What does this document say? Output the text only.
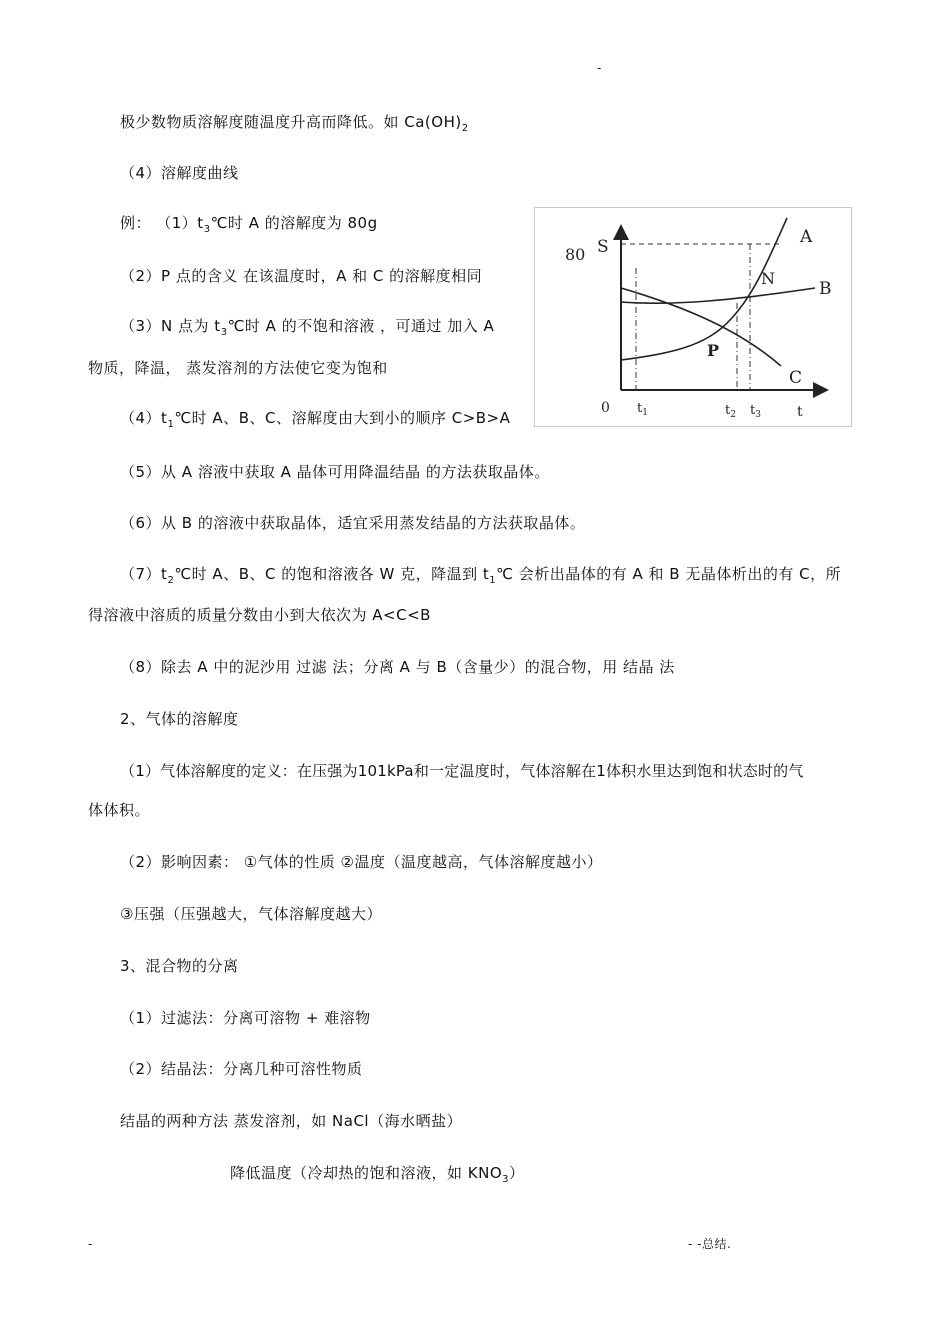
-
极少数物质溶解度随温度升高而降低。如 $Ca(OH)_2$
（4）溶解度曲线
例： $(1)t_3℃$时 A 的溶解度为 80g
（2）P 点的含义 在该温度时，A 和 C 的溶解度相同
（3）N 点为 $t_3℃$时 A 的不饱和溶液 ，可通过 加入 A
物质，降温， 蒸发溶剂的方法使它变为饱和
$(4)t_1℃$时 A、B、C、溶解度由大到小的顺序 C>B>A
（5）从 A 溶液中获取 A 晶体可用降温结晶 的方法获取晶体。
（6）从 B 的溶液中获取晶体，适宜采用蒸发结晶的方法获取晶体。
$(7)t_2℃$时 A、B、C 的饱和溶液各 W 克，降温到 $t_1℃$ 会析出晶体的有 A 和 B 无晶体析出的有 C，所
得溶液中溶质的质量分数由小到大依次为 A<C<B
（8）除去 A 中的泥沙用 过滤 法；分离 A 与 B（含量少）的混合物，用 结晶 法
2、气体的溶解度
（1）气体溶解度的定义：在压强为101kPa和一定温度时，气体溶解在1体积水里达到饱和状态时的气
体体积。
（2）影响因素： ①气体的性质 ②温度（温度越高，气体溶解度越小）
③压强（压强越大，气体溶解度越大）
3、混合物的分离
（1）过滤法：分离可溶物 + 难溶物
（2）结晶法：分离几种可溶性物质
结晶的两种方法 蒸发溶剂，如 NaCl（海水晒盐）
降低温度（冷却热的饱和溶液，如 $KNO_3$）
80 S
0	t
$t_1$	$t_2$ $t_3$
A
B
C
N
P
-	- -总结.
